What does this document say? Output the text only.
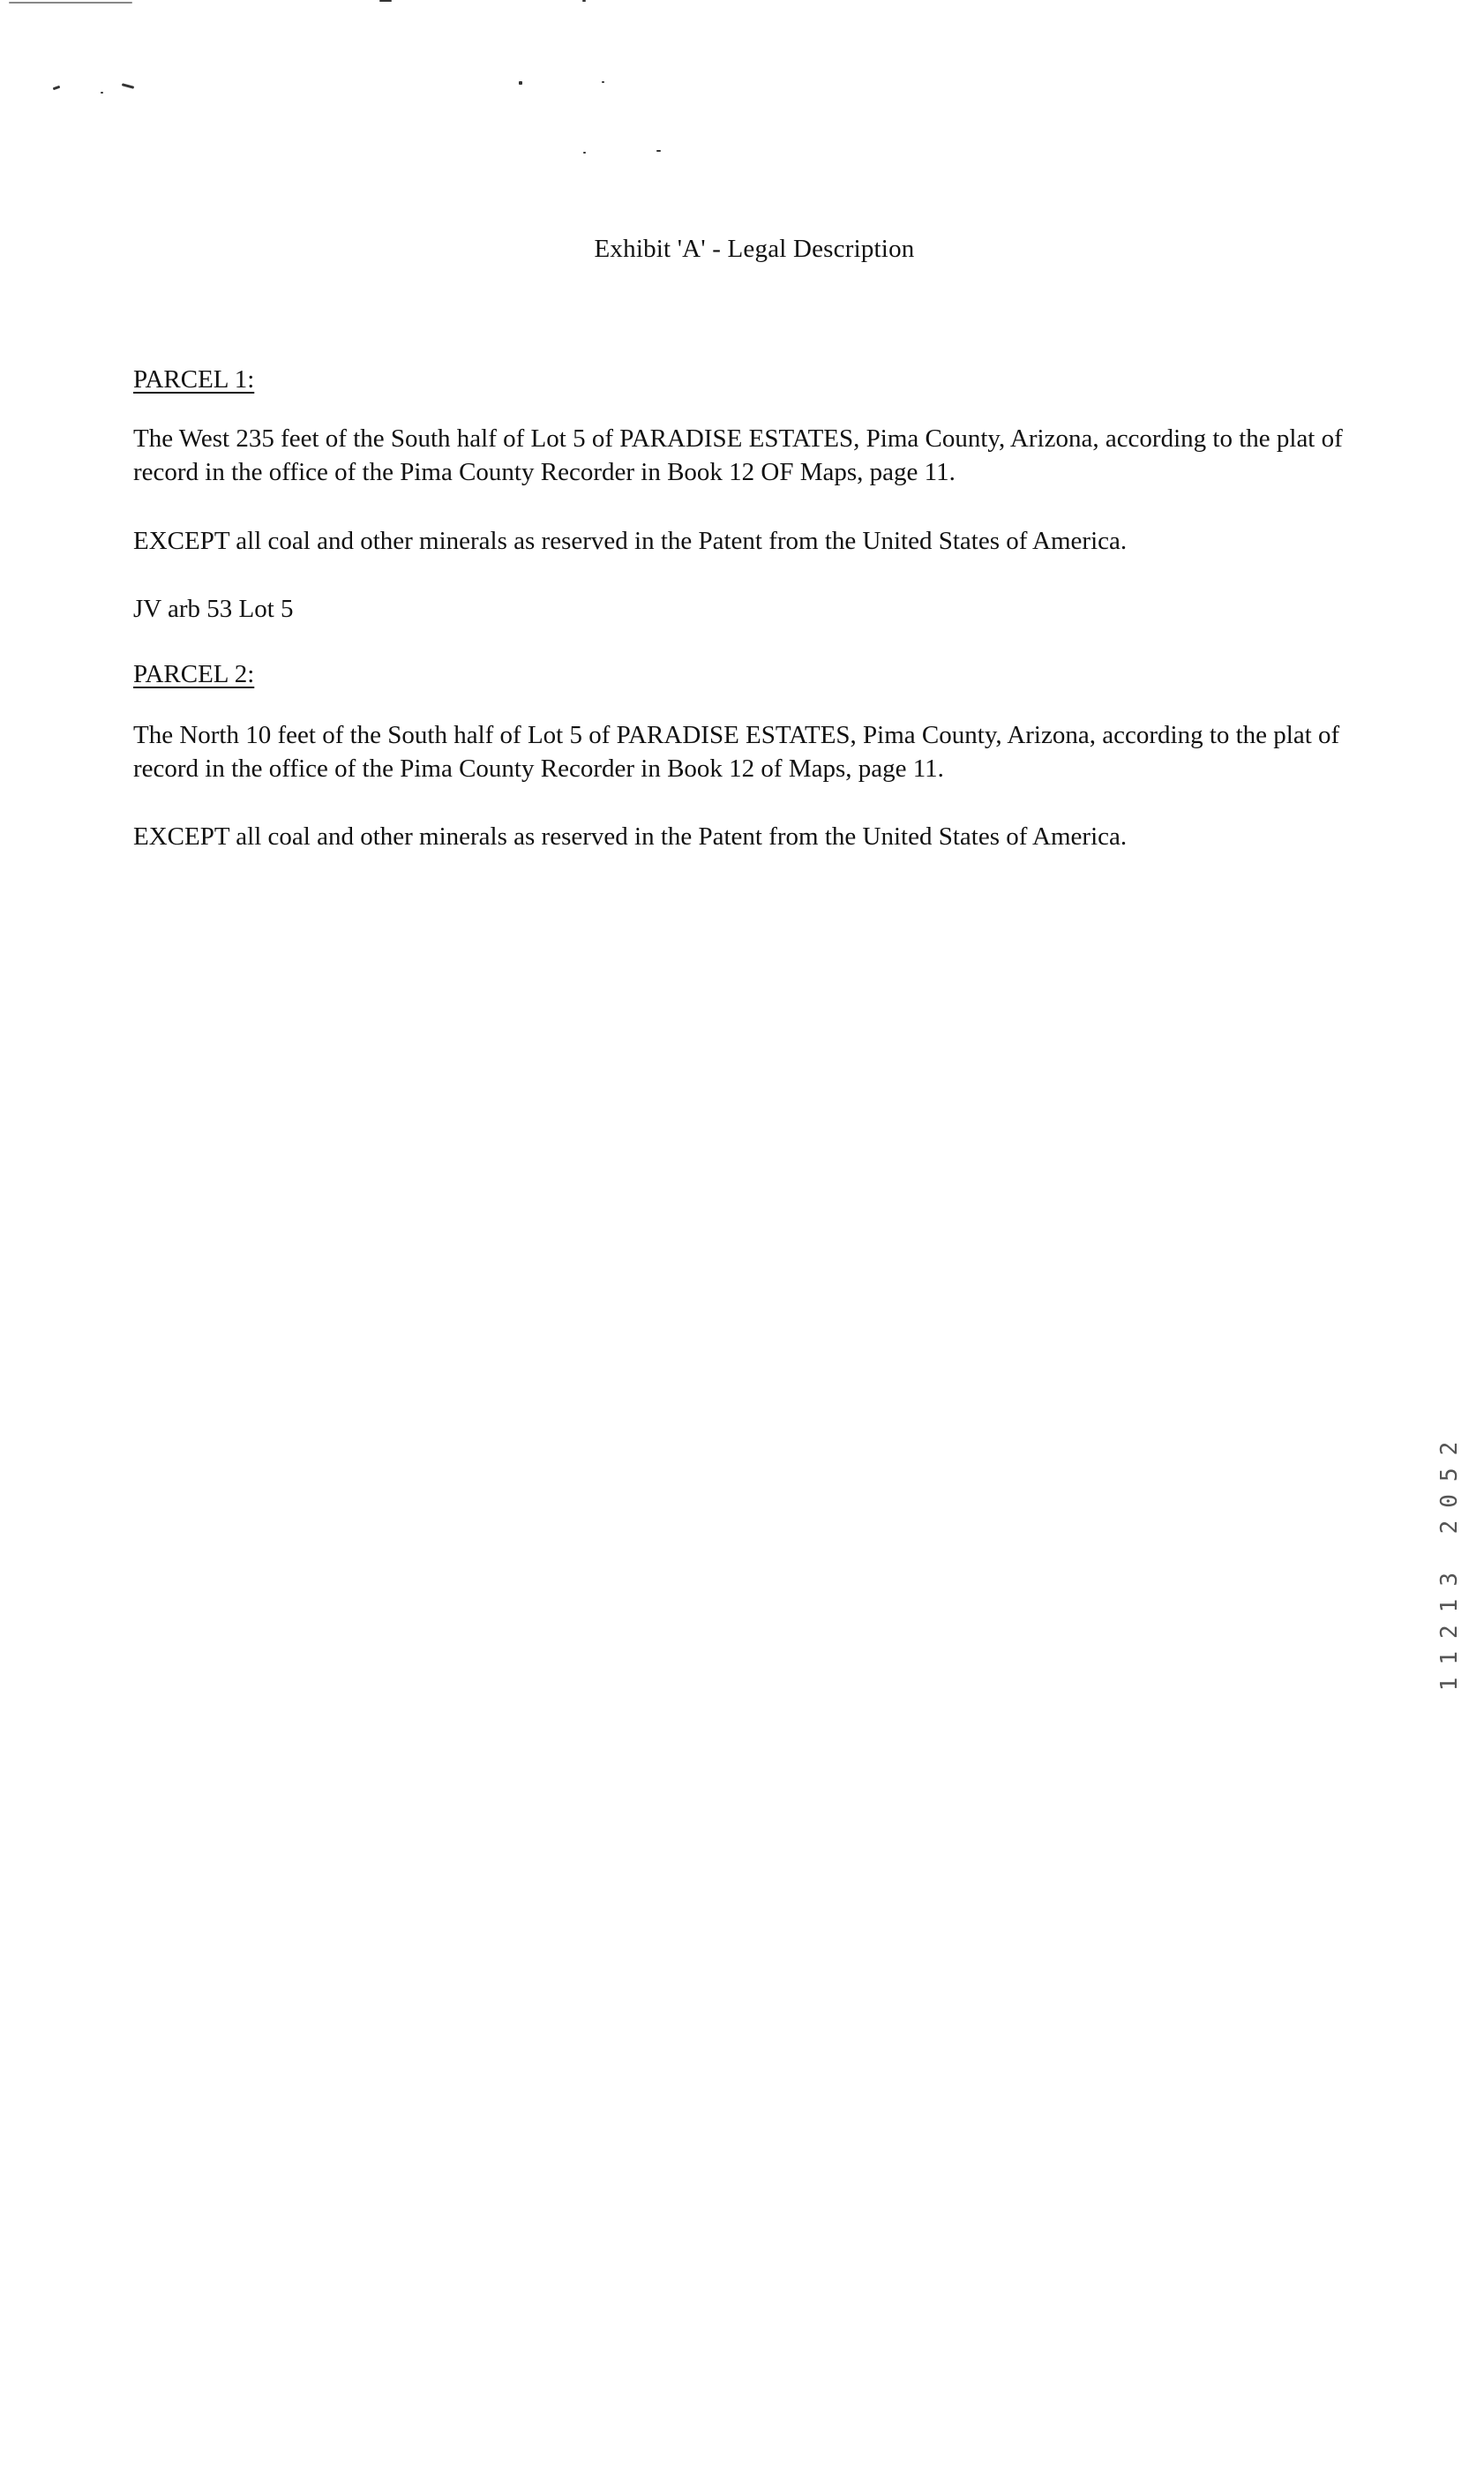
Exhibit 'A' - Legal Description
PARCEL 1:
The West 235 feet of the South half of Lot 5 of PARADISE ESTATES, Pima County, Arizona, according to the plat of record in the office of the Pima County Recorder in Book 12 OF Maps, page 11.
EXCEPT all coal and other minerals as reserved in the Patent from the United States of America.
JV arb 53 Lot 5
PARCEL 2:
The North 10 feet of the South half of Lot 5 of PARADISE ESTATES, Pima County, Arizona, according to the plat of record in the office of the Pima County Recorder in Book 12 of Maps, page 11.
EXCEPT all coal and other minerals as reserved in the Patent from the United States of America.
11213 2052
